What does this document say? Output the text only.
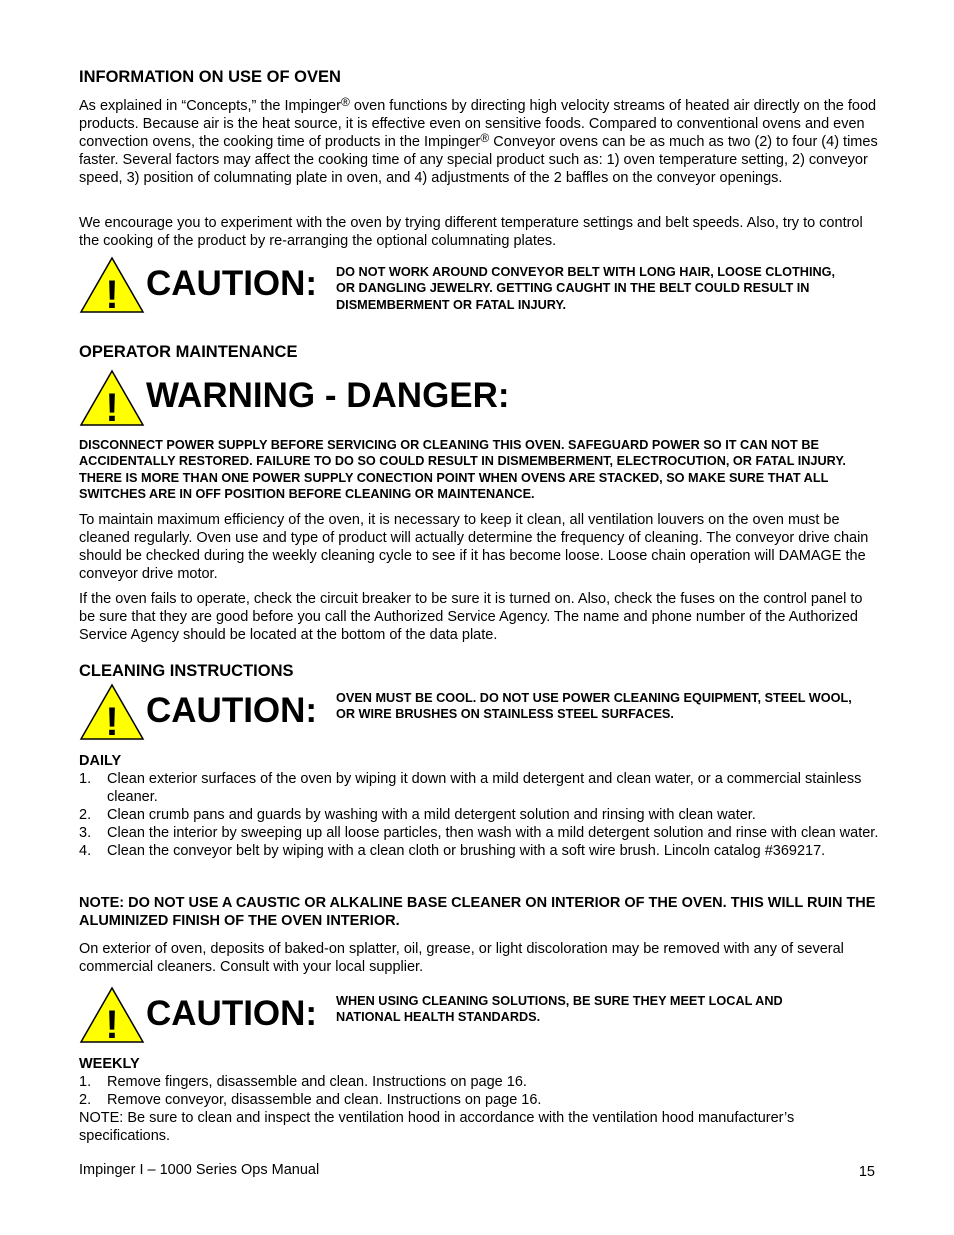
INFORMATION ON USE OF OVEN

As explained in “Concepts,” the Impinger® oven functions by directing high velocity streams of heated air directly on the food products. Because air is the heat source, it is effective even on sensitive foods. Compared to conventional ovens and even convection ovens, the cooking time of products in the Impinger® Conveyor ovens can be as much as two (2) to four (4) times faster. Several factors may affect the cooking time of any special product such as: 1) oven temperature setting, 2) conveyor speed, 3) position of columnating plate in oven, and 4) adjustments of the 2 baffles on the conveyor openings.

We encourage you to experiment with the oven by trying different temperature settings and belt speeds. Also, try to control the cooking of the product by re-arranging the optional columnating plates.

! CAUTION: DO NOT WORK AROUND CONVEYOR BELT WITH LONG HAIR, LOOSE CLOTHING, OR DANGLING JEWELRY. GETTING CAUGHT IN THE BELT COULD RESULT IN DISMEMBERMENT OR FATAL INJURY.

OPERATOR MAINTENANCE
! WARNING - DANGER:

DISCONNECT POWER SUPPLY BEFORE SERVICING OR CLEANING THIS OVEN. SAFEGUARD POWER SO IT CAN NOT BE ACCIDENTALLY RESTORED. FAILURE TO DO SO COULD RESULT IN DISMEMBERMENT, ELECTROCUTION, OR FATAL INJURY. THERE IS MORE THAN ONE POWER SUPPLY CONECTION POINT WHEN OVENS ARE STACKED, SO MAKE SURE THAT ALL SWITCHES ARE IN OFF POSITION BEFORE CLEANING OR MAINTENANCE.

To maintain maximum efficiency of the oven, it is necessary to keep it clean, all ventilation louvers on the oven must be cleaned regularly. Oven use and type of product will actually determine the frequency of cleaning. The conveyor drive chain should be checked during the weekly cleaning cycle to see if it has become loose. Loose chain operation will DAMAGE the conveyor drive motor.

If the oven fails to operate, check the circuit breaker to be sure it is turned on. Also, check the fuses on the control panel to be sure that they are good before you call the Authorized Service Agency. The name and phone number of the Authorized Service Agency should be located at the bottom of the data plate.

CLEANING INSTRUCTIONS
! CAUTION: OVEN MUST BE COOL. DO NOT USE POWER CLEANING EQUIPMENT, STEEL WOOL, OR WIRE BRUSHES ON STAINLESS STEEL SURFACES.

DAILY
1. Clean exterior surfaces of the oven by wiping it down with a mild detergent and clean water, or a commercial stainless cleaner.
2. Clean crumb pans and guards by washing with a mild detergent solution and rinsing with clean water.
3. Clean the interior by sweeping up all loose particles, then wash with a mild detergent solution and rinse with clean water.
4. Clean the conveyor belt by wiping with a clean cloth or brushing with a soft wire brush. Lincoln catalog #369217.

NOTE: DO NOT USE A CAUSTIC OR ALKALINE BASE CLEANER ON INTERIOR OF THE OVEN. THIS WILL RUIN THE ALUMINIZED FINISH OF THE OVEN INTERIOR.

On exterior of oven, deposits of baked-on splatter, oil, grease, or light discoloration may be removed with any of several commercial cleaners. Consult with your local supplier.

! CAUTION: WHEN USING CLEANING SOLUTIONS, BE SURE THEY MEET LOCAL AND NATIONAL HEALTH STANDARDS.

WEEKLY
1. Remove fingers, disassemble and clean. Instructions on page 16.
2. Remove conveyor, disassemble and clean. Instructions on page 16.

NOTE: Be sure to clean and inspect the ventilation hood in accordance with the ventilation hood manufacturer’s specifications.

Impinger I – 1000 Series Ops Manual	15
